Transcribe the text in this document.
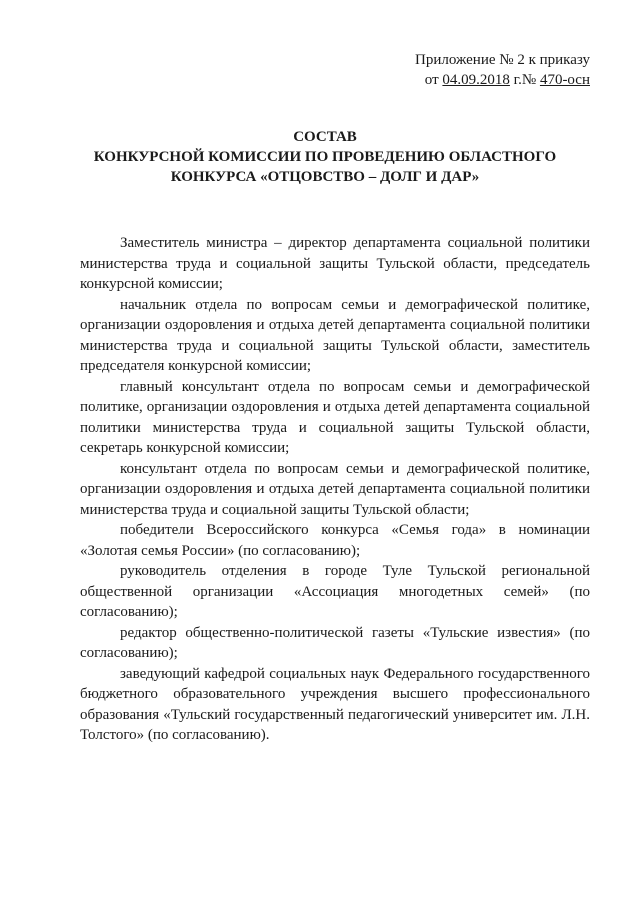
Приложение № 2 к приказу
от 04.09.2018 г.№ 470-осн
СОСТАВ
КОНКУРСНОЙ КОМИССИИ ПО ПРОВЕДЕНИЮ ОБЛАСТНОГО
КОНКУРСА «ОТЦОВСТВО – ДОЛГ И ДАР»

Заместитель министра – директор департамента социальной политики министерства труда и социальной защиты Тульской области, председатель конкурсной комиссии;

начальник отдела по вопросам семьи и демографической политике, организации оздоровления и отдыха детей департамента социальной политики министерства труда и социальной защиты Тульской области, заместитель председателя конкурсной комиссии;

главный консультант отдела по вопросам семьи и демографической политике, организации оздоровления и отдыха детей департамента социальной политики министерства труда и социальной защиты Тульской области, секретарь конкурсной комиссии;

консультант отдела по вопросам семьи и демографической политике, организации оздоровления и отдыха детей департамента социальной политики министерства труда и социальной защиты Тульской области;

победители Всероссийского конкурса «Семья года» в номинации «Золотая семья России» (по согласованию);

руководитель отделения в городе Туле Тульской региональной общественной организации «Ассоциация многодетных семей» (по согласованию);

редактор общественно-политической газеты «Тульские известия» (по согласованию);

заведующий кафедрой социальных наук Федерального государственного бюджетного образовательного учреждения высшего профессионального образования «Тульский государственный педагогический университет им. Л.Н. Толстого» (по согласованию).
